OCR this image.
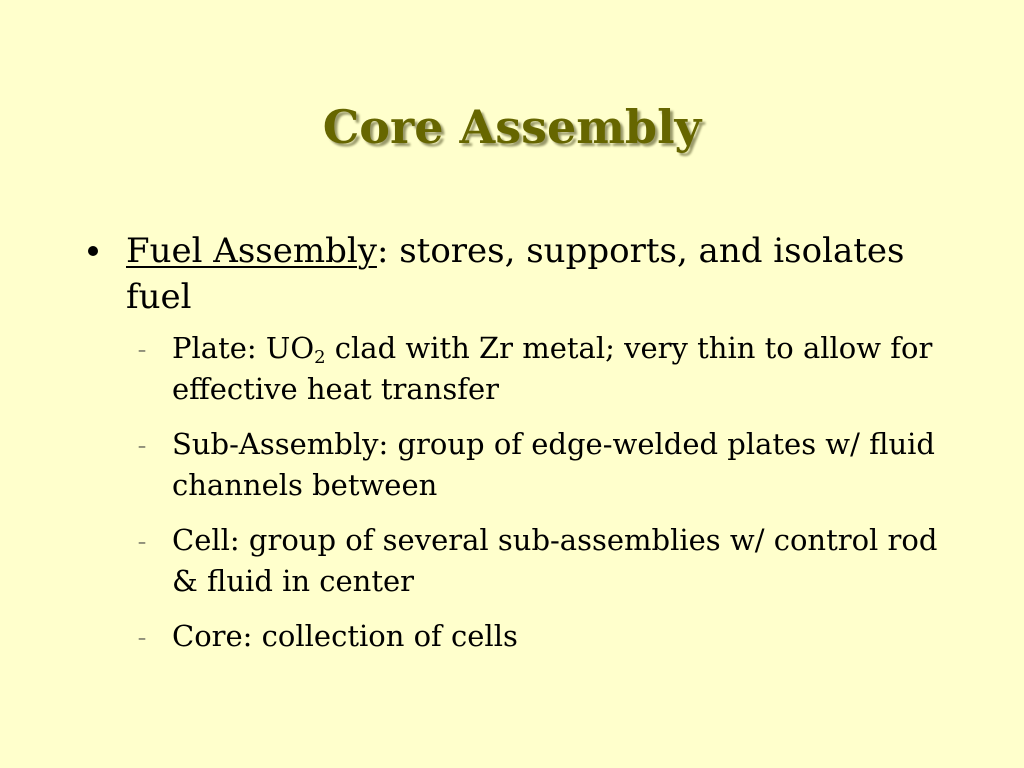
Core Assembly
Fuel Assembly: stores, supports, and isolates fuel
– Plate: $UO_2$ clad with Zr metal; very thin to allow for effective heat transfer
– Sub-Assembly: group of edge-welded plates w/ fluid channels between
– Cell: group of several sub-assemblies w/ control rod & fluid in center
– Core: collection of cells
